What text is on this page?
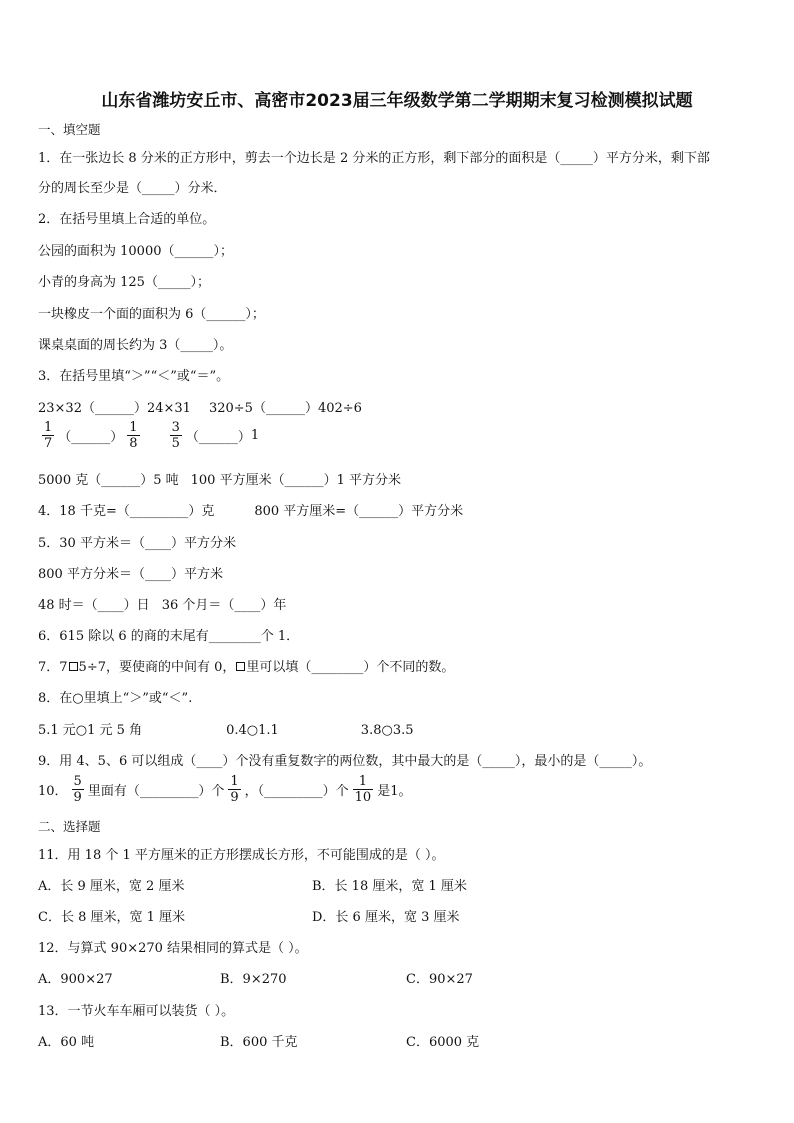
山东省潍坊安丘市、高密市2023届三年级数学第二学期期末复习检测模拟试题
一、填空题
1．在一张边长 8 分米的正方形中，剪去一个边长是 2 分米的正方形，剩下部分的面积是（_____）平方分米，剩下部
分的周长至少是（_____）分米．
2．在括号里填上合适的单位。
公园的面积为 10000（______）；
小青的身高为 125（_____）；
一块橡皮一个面的面积为 6（______）；
课桌桌面的周长约为 3（_____）。
3．在括号里填“＞”“＜”或“＝”。
23×32（______）24×31 320÷5（______）402÷6
$\frac{1}{7}$ （______） $\frac{1}{8} \frac{3}{5}$ （______） 1
5000 克（______）5 吨 100 平方厘米（______）1 平方分米
4．18 千克=（_________）克	800 平方厘米=（______）平方分米
5．30 平方米＝（____）平方分米
800 平方分米＝（____）平方米
48 时＝（____）日 36 个月＝（____）年
6．615 除以 6 的商的末尾有________个 1．
7．7 5÷7，要使商的中间有 0， 里可以填（________）个不同的数。
8．在○里填上“＞”或“＜”.
5.1 元○1 元 5 角	0.4○1.1	3.8○3.5
9．用 4、5、6 可以组成（____）个没有重复数字的两位数，其中最大的是（_____），最小的是（_____）。
10． $\frac{5}{9}$ 里面有（_________）个 $\frac{1}{9}$ ，（_________）个 $\frac{1}{10}$ 是1。
二、选择题
11．用 18 个 1 平方厘米的正方形摆成长方形，不可能围成的是（ ）。
A．长 9 厘米，宽 2 厘米	B．长 18 厘米，宽 1 厘米
C．长 8 厘米，宽 1 厘米	D．长 6 厘米，宽 3 厘米
12．与算式 90×270 结果相同的算式是（ ）。
A．900×27	B．9×270	C．90×27
13．一节火车车厢可以装货（ ）。
A．60 吨	B．600 千克	C．6000 克
